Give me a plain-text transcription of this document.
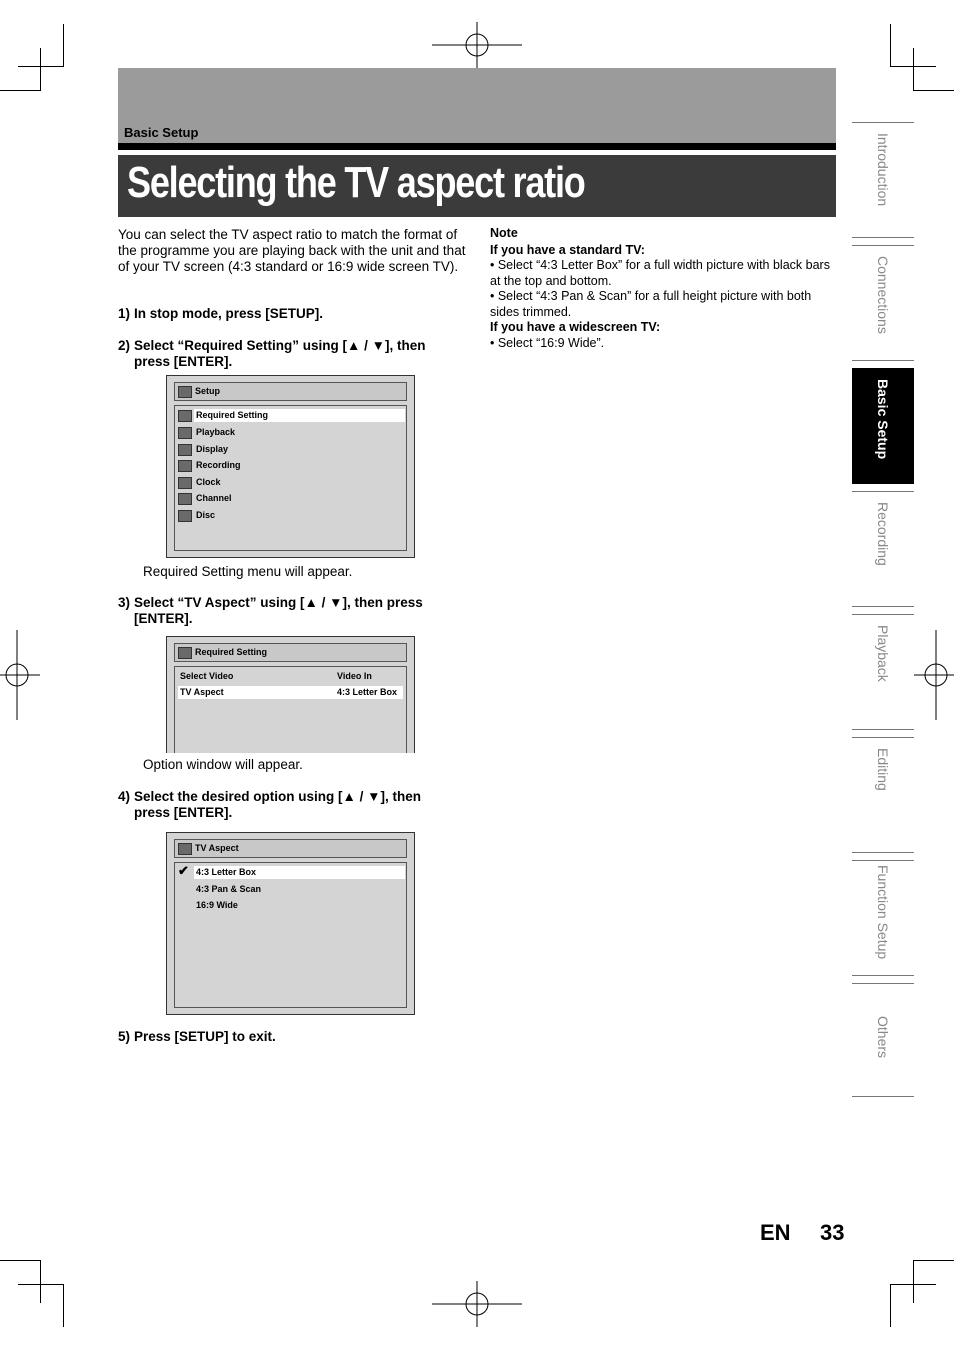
Basic Setup
Selecting the TV aspect ratio
You can select the TV aspect ratio to match the format of the programme you are playing back with the unit and that of your TV screen (4:3 standard or 16:9 wide screen TV).
1) In stop mode, press [SETUP].
2) Select “Required Setting” using [▲ / ▼], then
press [ENTER].
Setup
Required Setting
Playback
Display
Recording
Clock
Channel
Disc
Required Setting menu will appear.
3) Select “TV Aspect” using [▲ / ▼], then press
[ENTER].
Required Setting
Select Video	Video In
TV Aspect	4:3 Letter Box
Option window will appear.
4) Select the desired option using [▲ / ▼], then
press [ENTER].
TV Aspect
✔ 4:3 Letter Box
4:3 Pan & Scan
16:9 Wide
5) Press [SETUP] to exit.
Note
If you have a standard TV:
• Select “4:3 Letter Box” for a full width picture with black bars at the top and bottom.
• Select “4:3 Pan & Scan” for a full height picture with both sides trimmed.
If you have a widescreen TV:
• Select “16:9 Wide”.
Introduction
Connections
Basic Setup
Recording
Playback
Editing
Function Setup
Others
EN 33
